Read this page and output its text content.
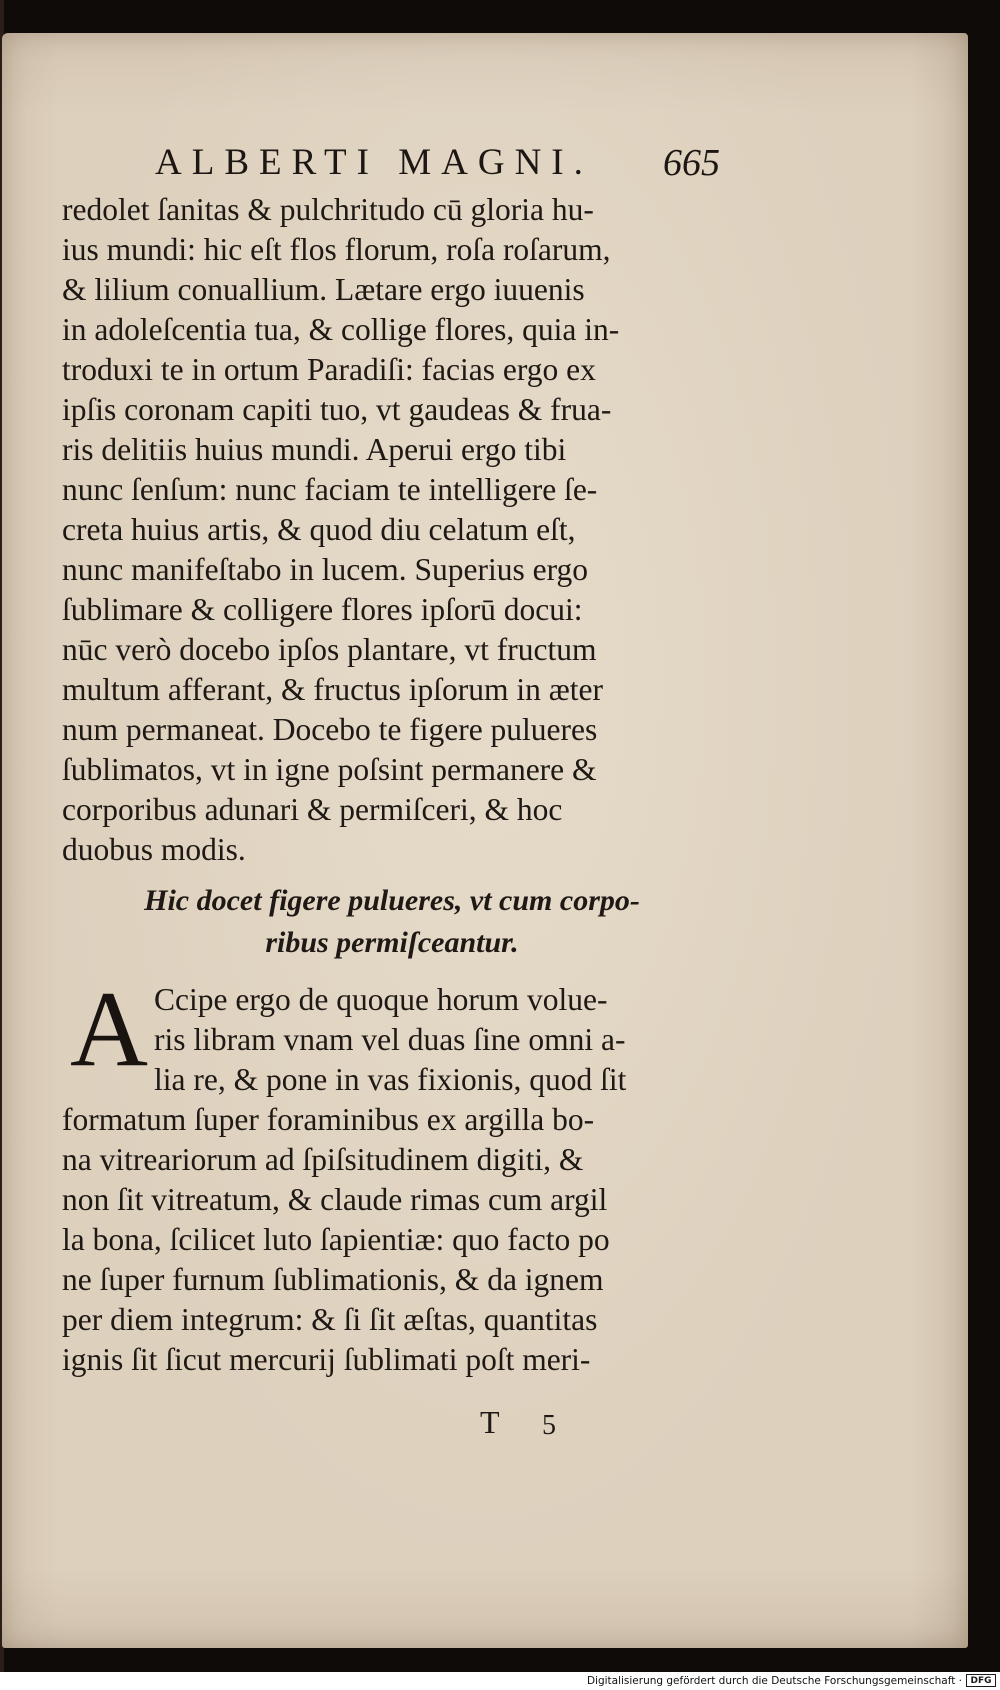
ALBERTI MAGNI. 665
redolet ſanitas & pulchritudo cū gloria hu-
ius mundi: hic eſt flos florum, roſa roſarum,
& lilium conuallium. Lætare ergo iuuenis
in adoleſcentia tua, & collige flores, quia in-
troduxi te in ortum Paradiſi: facias ergo ex
ipſis coronam capiti tuo, vt gaudeas & frua-
ris delitiis huius mundi. Aperui ergo tibi
nunc ſenſum: nunc faciam te intelligere ſe-
creta huius artis, & quod diu celatum eſt,
nunc manifeſtabo in lucem. Superius ergo
ſublimare & colligere flores ipſorū docui:
nūc verò docebo ipſos plantare, vt fructum
multum afferant, & fructus ipſorum in æter
num permaneat. Docebo te figere pulueres
ſublimatos, vt in igne poſsint permanere &
corporibus adunari & permiſceri, & hoc
duobus modis.
Hic docet figere pulueres, vt cum corpo-
ribus permiſceantur.
A Ccipe ergo de quoque horum volue-
ris libram vnam vel duas ſine omni a-
lia re, & pone in vas fixionis, quod ſit
formatum ſuper foraminibus ex argilla bo-
na vitreariorum ad ſpiſsitudinem digiti, &
non ſit vitreatum, & claude rimas cum argil
la bona, ſcilicet luto ſapientiæ: quo facto po
ne ſuper furnum ſublimationis, & da ignem
per diem integrum: & ſi ſit æſtas, quantitas
ignis ſit ſicut mercurij ſublimati poſt meri-
T 5
Digitalisierung gefördert durch die Deutsche Forschungsgemeinschaft · DFG
